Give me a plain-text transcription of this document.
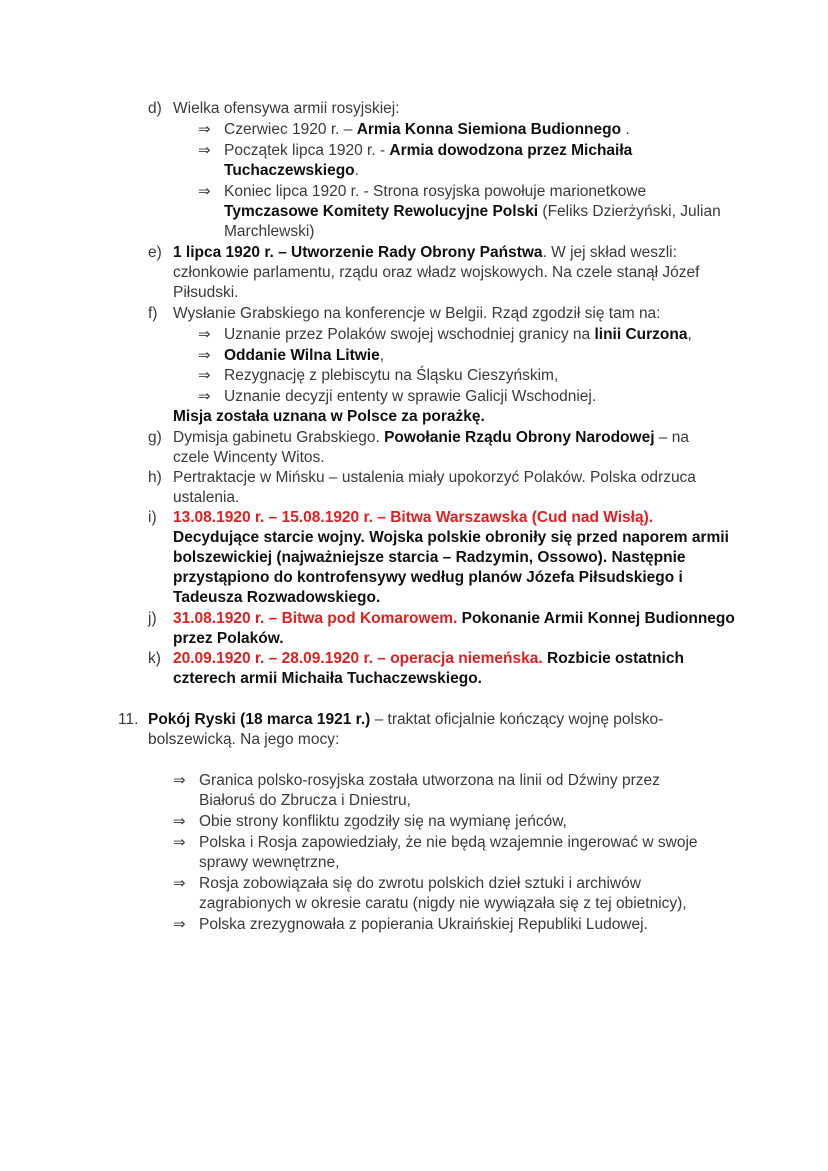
d) Wielka ofensywa armii rosyjskiej:
⇒ Czerwiec 1920 r. – Armia Konna Siemiona Budionnego .
⇒ Początek lipca 1920 r. - Armia dowodzona przez Michaiła
Tuchaczewskiego.
⇒ Koniec lipca 1920 r. - Strona rosyjska powołuje marionetkowe
Tymczasowe Komitety Rewolucyjne Polski (Feliks Dzierżyński, Julian
Marchlewski)
e) 1 lipca 1920 r. – Utworzenie Rady Obrony Państwa. W jej skład weszli:
członkowie parlamentu, rządu oraz władz wojskowych. Na czele stanął Józef
Piłsudski.
f) Wysłanie Grabskiego na konferencje w Belgii. Rząd zgodził się tam na:
⇒ Uznanie przez Polaków swojej wschodniej granicy na linii Curzona,
⇒ Oddanie Wilna Litwie,
⇒ Rezygnację z plebiscytu na Śląsku Cieszyńskim,
⇒ Uznanie decyzji ententy w sprawie Galicji Wschodniej.
Misja została uznana w Polsce za porażkę.
g) Dymisja gabinetu Grabskiego. Powołanie Rządu Obrony Narodowej – na
czele Wincenty Witos.
h) Pertraktacje w Mińsku – ustalenia miały upokorzyć Polaków. Polska odrzuca
ustalenia.
i) 13.08.1920 r. – 15.08.1920 r. – Bitwa Warszawska (Cud nad Wisłą).
Decydujące starcie wojny. Wojska polskie obroniły się przed naporem armii
bolszewickiej (najważniejsze starcia – Radzymin, Ossowo). Następnie
przystąpiono do kontrofensywy według planów Józefa Piłsudskiego i
Tadeusza Rozwadowskiego.
j) 31.08.1920 r. – Bitwa pod Komarowem. Pokonanie Armii Konnej Budionnego
przez Polaków.
k) 20.09.1920 r. – 28.09.1920 r. – operacja niemeńska. Rozbicie ostatnich
czterech armii Michaiła Tuchaczewskiego.
11. Pokój Ryski (18 marca 1921 r.) – traktat oficjalnie kończący wojnę polsko-
bolszewicką. Na jego mocy:
⇒ Granica polsko-rosyjska została utworzona na linii od Dźwiny przez
Białoruś do Zbrucza i Dniestru,
⇒ Obie strony konfliktu zgodziły się na wymianę jeńców,
⇒ Polska i Rosja zapowiedziały, że nie będą wzajemnie ingerować w swoje
sprawy wewnętrzne,
⇒ Rosja zobowiązała się do zwrotu polskich dzieł sztuki i archiwów
zagrabionych w okresie caratu (nigdy nie wywiązała się z tej obietnicy),
⇒ Polska zrezygnowała z popierania Ukraińskiej Republiki Ludowej.
